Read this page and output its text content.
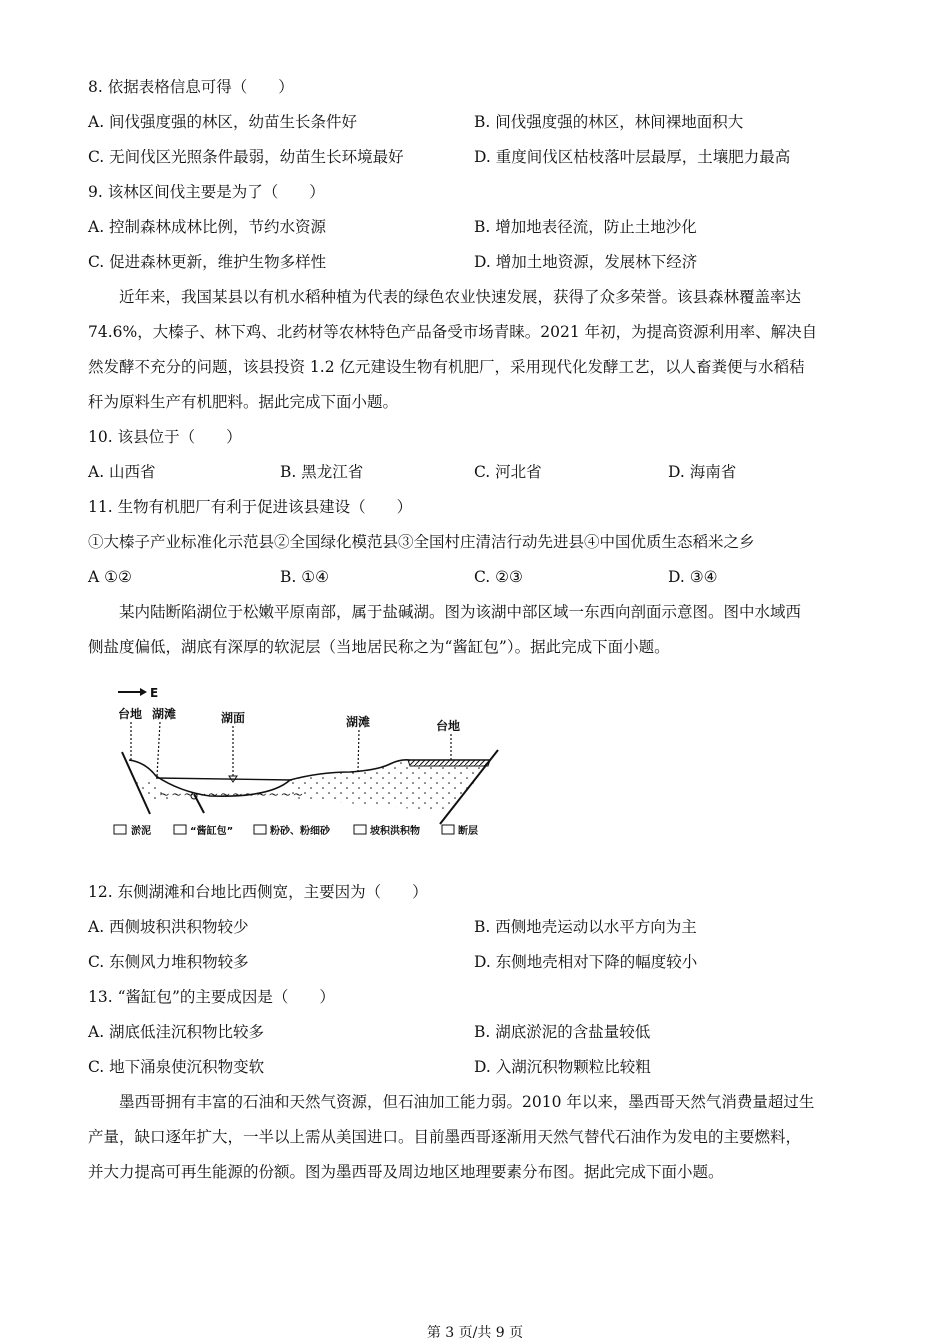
8. 依据表格信息可得（　　）
A. 间伐强度强的林区，幼苗生长条件好	B. 间伐强度强的林区，林间裸地面积大
C. 无间伐区光照条件最弱，幼苗生长环境最好	D. 重度间伐区枯枝落叶层最厚，土壤肥力最高
9. 该林区间伐主要是为了（　　）
A. 控制森林成林比例，节约水资源	B. 增加地表径流，防止土地沙化
C. 促进森林更新，维护生物多样性	D. 增加土地资源，发展林下经济
近年来，我国某县以有机水稻种植为代表的绿色农业快速发展，获得了众多荣誉。该县森林覆盖率达
74.6%，大榛子、林下鸡、北药材等农林特色产品备受市场青睐。2021 年初，为提高资源利用率、解决自
然发酵不充分的问题，该县投资 1.2 亿元建设生物有机肥厂，采用现代化发酵工艺，以人畜粪便与水稻秸
秆为原料生产有机肥料。据此完成下面小题。
10. 该县位于（　　）
A. 山西省	B. 黑龙江省	C. 河北省	D. 海南省
11. 生物有机肥厂有利于促进该县建设（　　）
①大榛子产业标准化示范县②全国绿化模范县③全国村庄清洁行动先进县④中国优质生态稻米之乡
A ①②	B. ①④	C. ②③	D. ③④
某内陆断陷湖位于松嫩平原南部，属于盐碱湖。图为该湖中部区域一东西向剖面示意图。图中水域西
侧盐度偏低，湖底有深厚的软泥层（当地居民称之为“酱缸包”）。据此完成下面小题。
E
台地 湖滩	湖面	湖滩	台地
～ ～ ～ ～ ～ ～ ～ ～ ～ ～ ～ ～
淤泥	“酱缸包”	粉砂、粉细砂	坡积洪积物	断层
12. 东侧湖滩和台地比西侧宽，主要因为（　　）
A. 西侧坡积洪积物较少	B. 西侧地壳运动以水平方向为主
C. 东侧风力堆积物较多	D. 东侧地壳相对下降的幅度较小
13. “酱缸包”的主要成因是（　　）
A. 湖底低洼沉积物比较多	B. 湖底淤泥的含盐量较低
C. 地下涌泉使沉积物变软	D. 入湖沉积物颗粒比较粗
墨西哥拥有丰富的石油和天然气资源，但石油加工能力弱。2010 年以来，墨西哥天然气消费量超过生
产量，缺口逐年扩大，一半以上需从美国进口。目前墨西哥逐渐用天然气替代石油作为发电的主要燃料，
并大力提高可再生能源的份额。图为墨西哥及周边地区地理要素分布图。据此完成下面小题。
第 3 页/共 9 页
